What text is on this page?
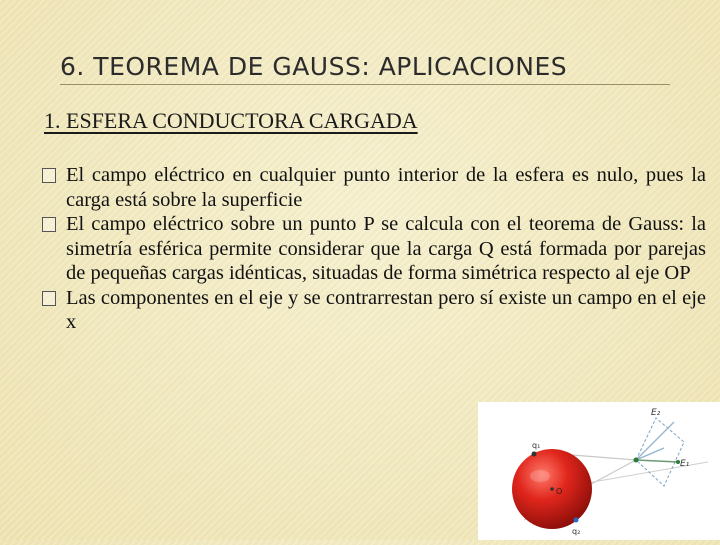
6. TEOREMA DE GAUSS: APLICACIONES
1. ESFERA CONDUCTORA CARGADA
El campo eléctrico en cualquier punto interior de la esfera es nulo, pues la carga está sobre la superficie
El campo eléctrico sobre un punto P se calcula con el teorema de Gauss: la simetría esférica permite considerar que la carga Q está formada por parejas de pequeñas cargas idénticas, situadas de forma simétrica respecto al eje OP
Las componentes en el eje y se contrarrestan pero sí existe un campo en el eje x
E₂
E₁
q₁
q₂
O
